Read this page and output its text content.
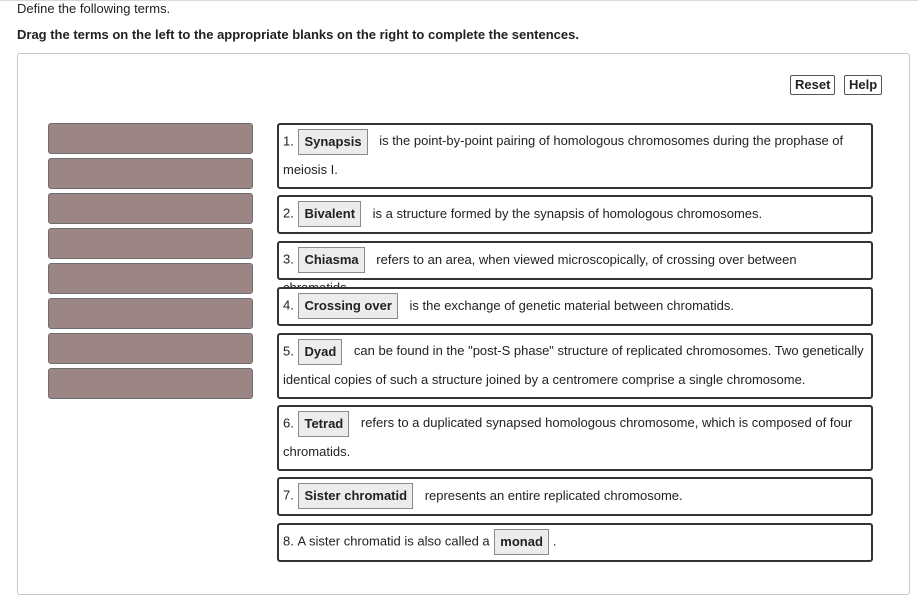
Define the following terms.
Drag the terms on the left to the appropriate blanks on the right to complete the sentences.
Reset	Help
1. Synapsis is the point-by-point pairing of homologous chromosomes during the prophase of meiosis I.
2. Bivalent is a structure formed by the synapsis of homologous chromosomes.
3. Chiasma refers to an area, when viewed microscopically, of crossing over between
4. Crossing over is the exchange of genetic material between chromatids.
5. Dyad can be found in the "post-S phase" structure of replicated chromosomes. Two genetically identical copies of such a structure joined by a centromere comprise a single chromosome.
6. Tetrad refers to a duplicated synapsed homologous chromosome, which is composed of four chromatids.
7. Sister chromatid represents an entire replicated chromosome.
8. A sister chromatid is also called a monad .
